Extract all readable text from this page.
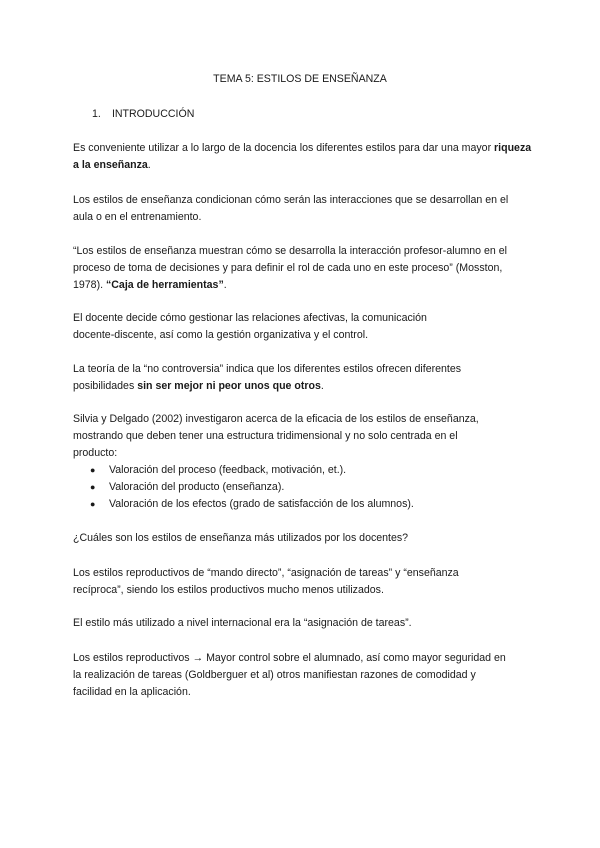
TEMA 5: ESTILOS DE ENSEÑANZA
1. INTRODUCCIÓN
Es conveniente utilizar a lo largo de la docencia los diferentes estilos para dar una mayor riqueza a la enseñanza.
Los estilos de enseñanza condicionan cómo serán las interacciones que se desarrollan en el
aula o en el entrenamiento.
“Los estilos de enseñanza muestran cómo se desarrolla la interacción profesor-alumno en el
proceso de toma de decisiones y para definir el rol de cada uno en este proceso” (Mosston,
1978). “Caja de herramientas”.
El docente decide cómo gestionar las relaciones afectivas, la comunicación
docente-discente, así como la gestión organizativa y el control.
La teoría de la “no controversia” indica que los diferentes estilos ofrecen diferentes
posibilidades sin ser mejor ni peor unos que otros.
Silvia y Delgado (2002) investigaron acerca de la eficacia de los estilos de enseñanza,
mostrando que deben tener una estructura tridimensional y no solo centrada en el
producto:
● Valoración del proceso (feedback, motivación, et.).
● Valoración del producto (enseñanza).
● Valoración de los efectos (grado de satisfacción de los alumnos).
¿Cuáles son los estilos de enseñanza más utilizados por los docentes?
Los estilos reproductivos de “mando directo”, “asignación de tareas” y “enseñanza
recíproca”, siendo los estilos productivos mucho menos utilizados.
El estilo más utilizado a nivel internacional era la “asignación de tareas”.
Los estilos reproductivos → Mayor control sobre el alumnado, así como mayor seguridad en
la realización de tareas (Goldberguer et al) otros manifiestan razones de comodidad y
facilidad en la aplicación.
